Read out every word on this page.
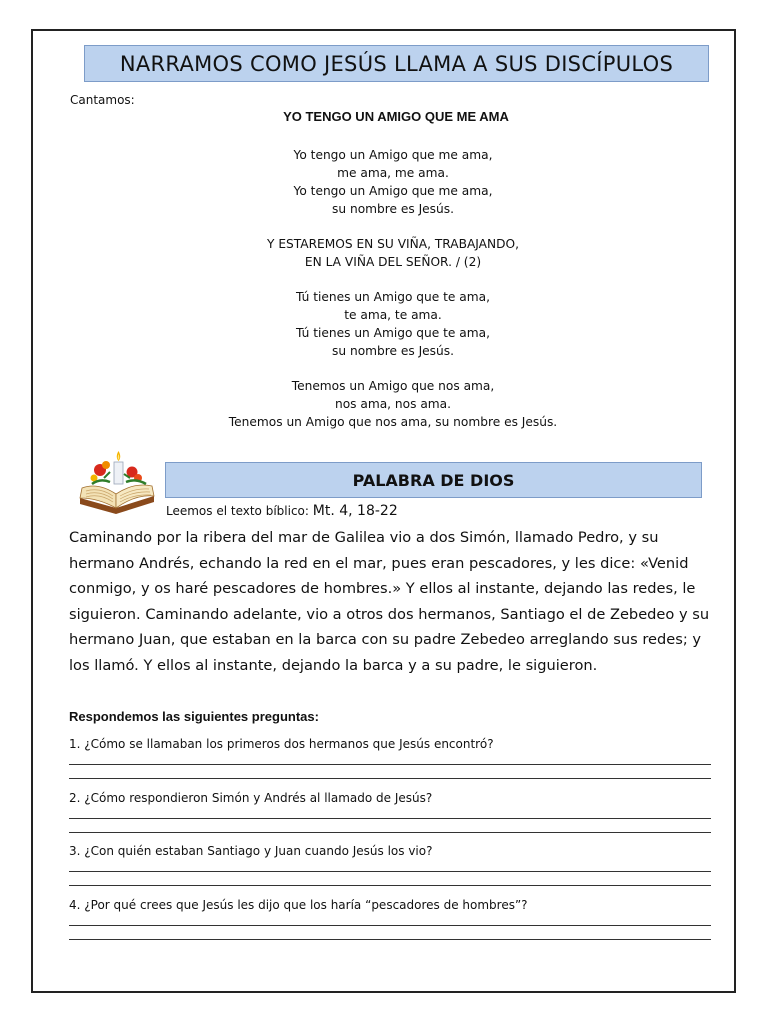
NARRAMOS COMO JESÚS LLAMA A SUS DISCÍPULOS
Cantamos:
YO TENGO UN AMIGO QUE ME AMA
Yo tengo un Amigo que me ama,
me ama, me ama.
Yo tengo un Amigo que me ama,
su nombre es Jesús.
Y ESTAREMOS EN SU VIÑA, TRABAJANDO,
EN LA VIÑA DEL SEÑOR. / (2)
Tú tienes un Amigo que te ama,
te ama, te ama.
Tú tienes un Amigo que te ama,
su nombre es Jesús.
Tenemos un Amigo que nos ama,
nos ama, nos ama.
Tenemos un Amigo que nos ama, su nombre es Jesús.
PALABRA DE DIOS
Leemos el texto bíblico: Mt. 4, 18-22

Caminando por la ribera del mar de Galilea vio a dos Simón, llamado Pedro, y su hermano Andrés, echando la red en el mar, pues eran pescadores, y les dice: «Venid conmigo, y os haré pescadores de hombres.» Y ellos al instante, dejando las redes, le siguieron. Caminando adelante, vio a otros dos hermanos, Santiago el de Zebedeo y su hermano Juan, que estaban en la barca con su padre Zebedeo arreglando sus redes; y los llamó. Y ellos al instante, dejando la barca y a su padre, le siguieron.

Respondemos las siguientes preguntas:
1. ¿Cómo se llamaban los primeros dos hermanos que Jesús encontró?
2. ¿Cómo respondieron Simón y Andrés al llamado de Jesús?
3. ¿Con quién estaban Santiago y Juan cuando Jesús los vio?
4. ¿Por qué crees que Jesús les dijo que los haría “pescadores de hombres”?
